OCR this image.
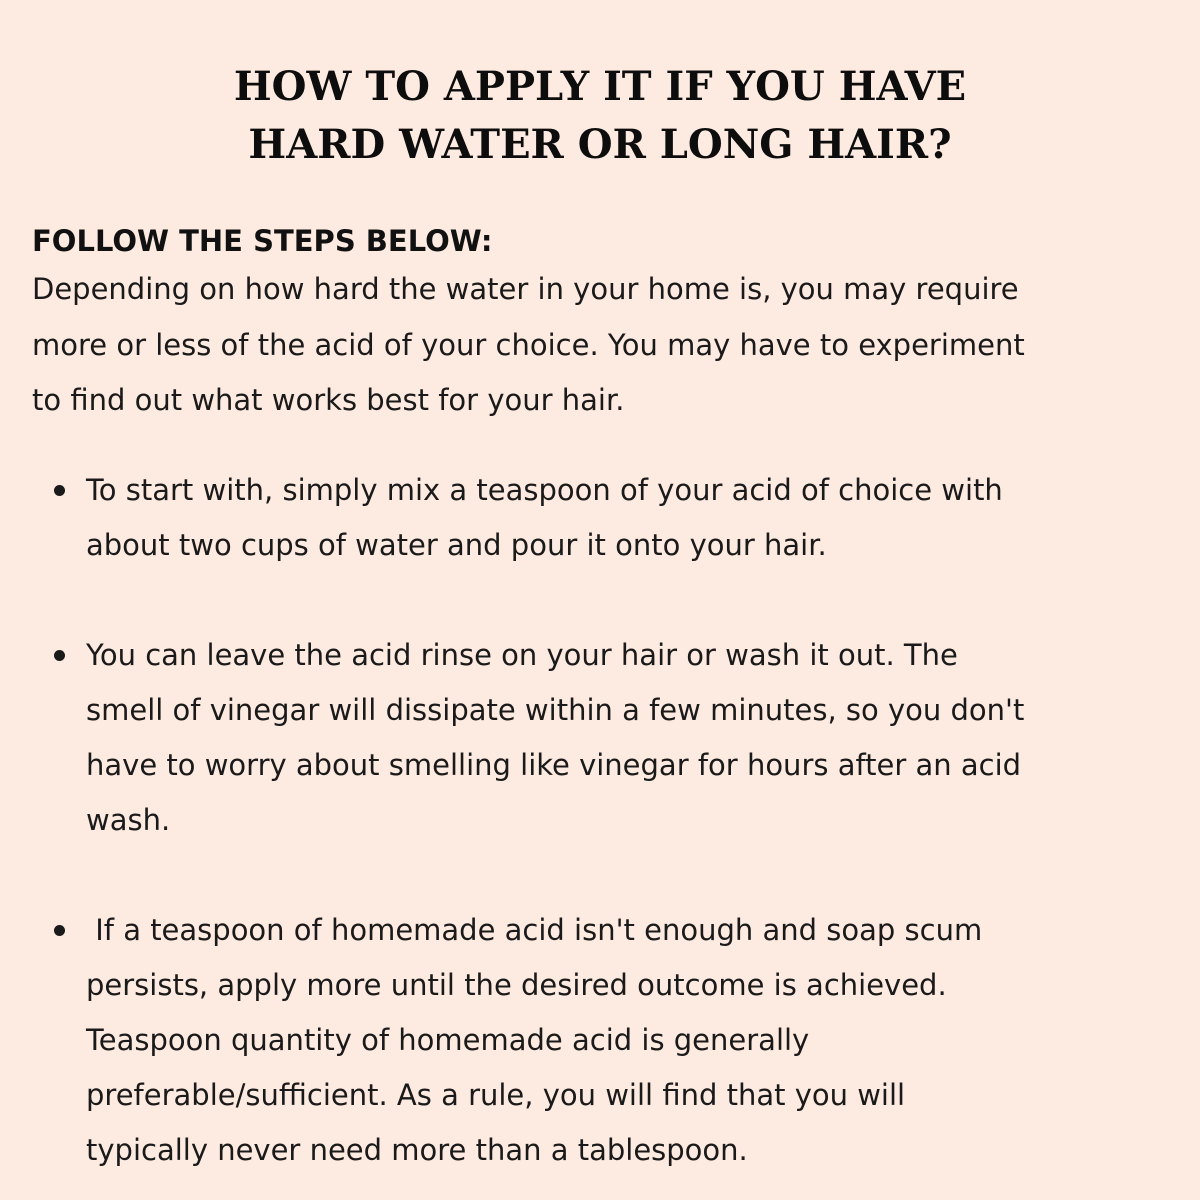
HOW TO APPLY IT IF YOU HAVE
HARD WATER OR LONG HAIR?
FOLLOW THE STEPS BELOW:

Depending on how hard the water in your home is, you may require
more or less of the acid of your choice. You may have to experiment
to find out what works best for your hair.

To start with, simply mix a teaspoon of your acid of choice with
about two cups of water and pour it onto your hair.
You can leave the acid rinse on your hair or wash it out. The
smell of vinegar will dissipate within a few minutes, so you don't
have to worry about smelling like vinegar for hours after an acid
wash.
If a teaspoon of homemade acid isn't enough and soap scum
persists, apply more until the desired outcome is achieved.
Teaspoon quantity of homemade acid is generally
preferable/sufficient. As a rule, you will find that you will
typically never need more than a tablespoon.
